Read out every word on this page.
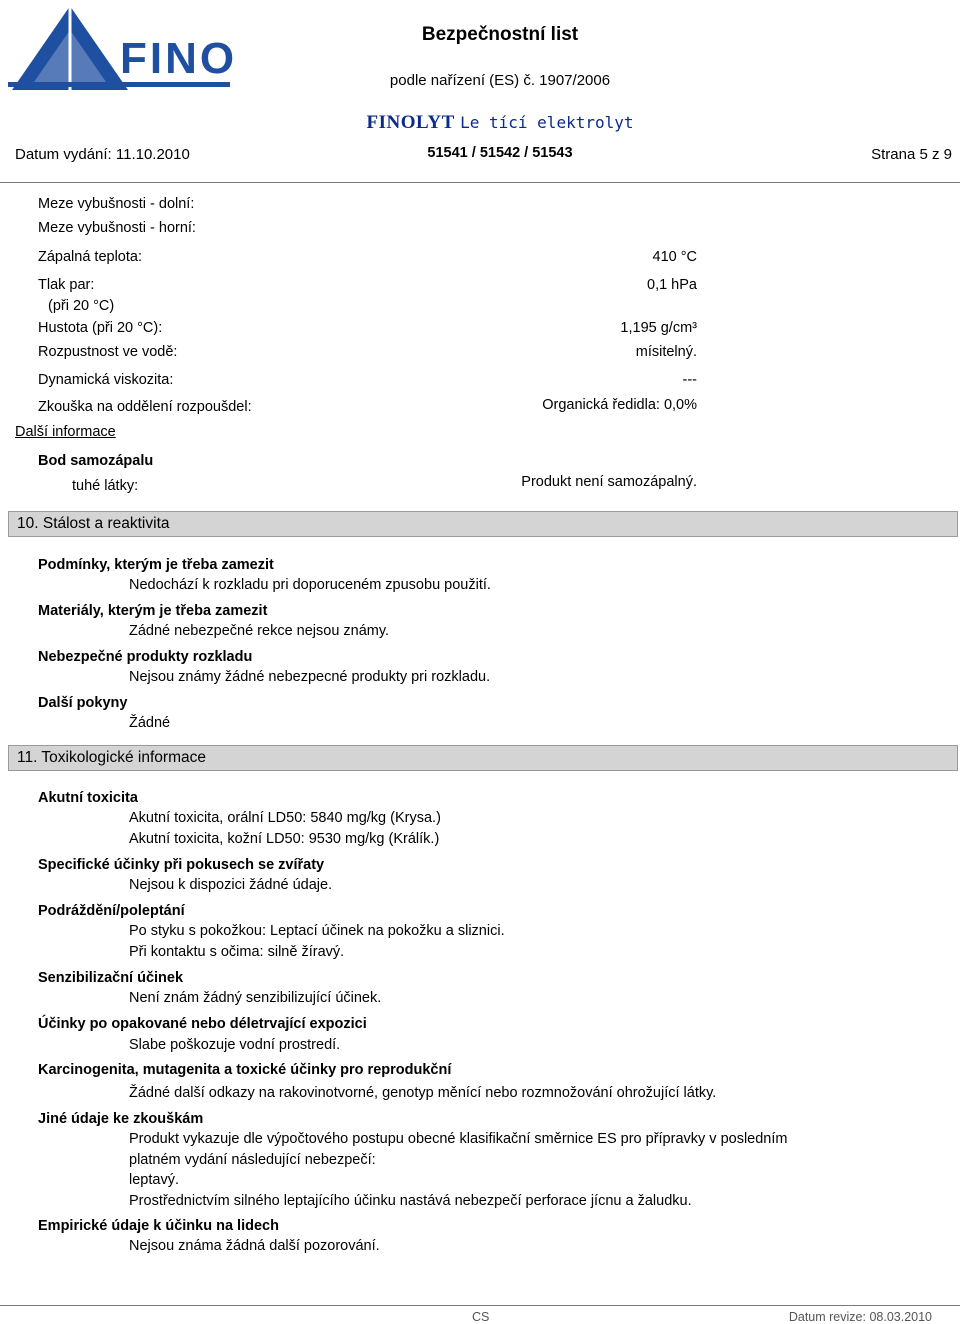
FINO	Bezpečnostní list
podle nařízení (ES) č. 1907/2006
FINOLYT Le tící elektrolyt
Datum vydání: 11.10.2010	51541 / 51542 / 51543	Strana 5 z 9
Meze vybušnosti - dolní:
Meze vybušnosti - horní:
Zápalná teplota:	410 °C
Tlak par:	0,1 hPa
(při 20 °C)
Hustota (při 20 °C):	1,195 g/cm³
Rozpustnost ve vodě:	mísitelný.
Dynamická viskozita:	---
Zkouška na oddělení rozpoušdel:	Organická ředidla: 0,0%
Další informace
Bod samozápalu
tuhé látky:	Produkt není samozápalný.
10. Stálost a reaktivita
Podmínky, kterým je třeba zamezit
Nedochází k rozkladu pri doporuceném zpusobu použití.
Materiály, kterým je třeba zamezit
Zádné nebezpečné rekce nejsou známy.
Nebezpečné produkty rozkladu
Nejsou známy žádné nebezpecné produkty pri rozkladu.
Další pokyny
Žádné
11. Toxikologické informace
Akutní toxicita
Akutní toxicita, orální LD50: 5840 mg/kg (Krysa.)
Akutní toxicita, kožní LD50: 9530 mg/kg (Králík.)
Specifické účinky při pokusech se zvířaty
Nejsou k dispozici žádné údaje.
Podráždění/poleptání
Po styku s pokožkou: Leptací účinek na pokožku a sliznici.
Při kontaktu s očima: silně žíravý.
Senzibilizační účinek
Není znám žádný senzibilizující účinek.
Účinky po opakované nebo déletrvající expozici
Slabe poškozuje vodní prostredí.
Karcinogenita, mutagenita a toxické účinky pro reprodukční
Žádné další odkazy na rakovinotvorné, genotyp měnící nebo rozmnožování ohrožující látky.
Jiné údaje ke zkouškám
Produkt vykazuje dle výpočtového postupu obecné klasifikační směrnice ES pro přípravky v posledním
platném vydání následující nebezpečí:
leptavý.
Prostřednictvím silného leptajícího účinku nastává nebezpečí perforace jícnu a žaludku.
Empirické údaje k účinku na lidech
Nejsou známa žádná další pozorování.
CS	Datum revize: 08.03.2010
